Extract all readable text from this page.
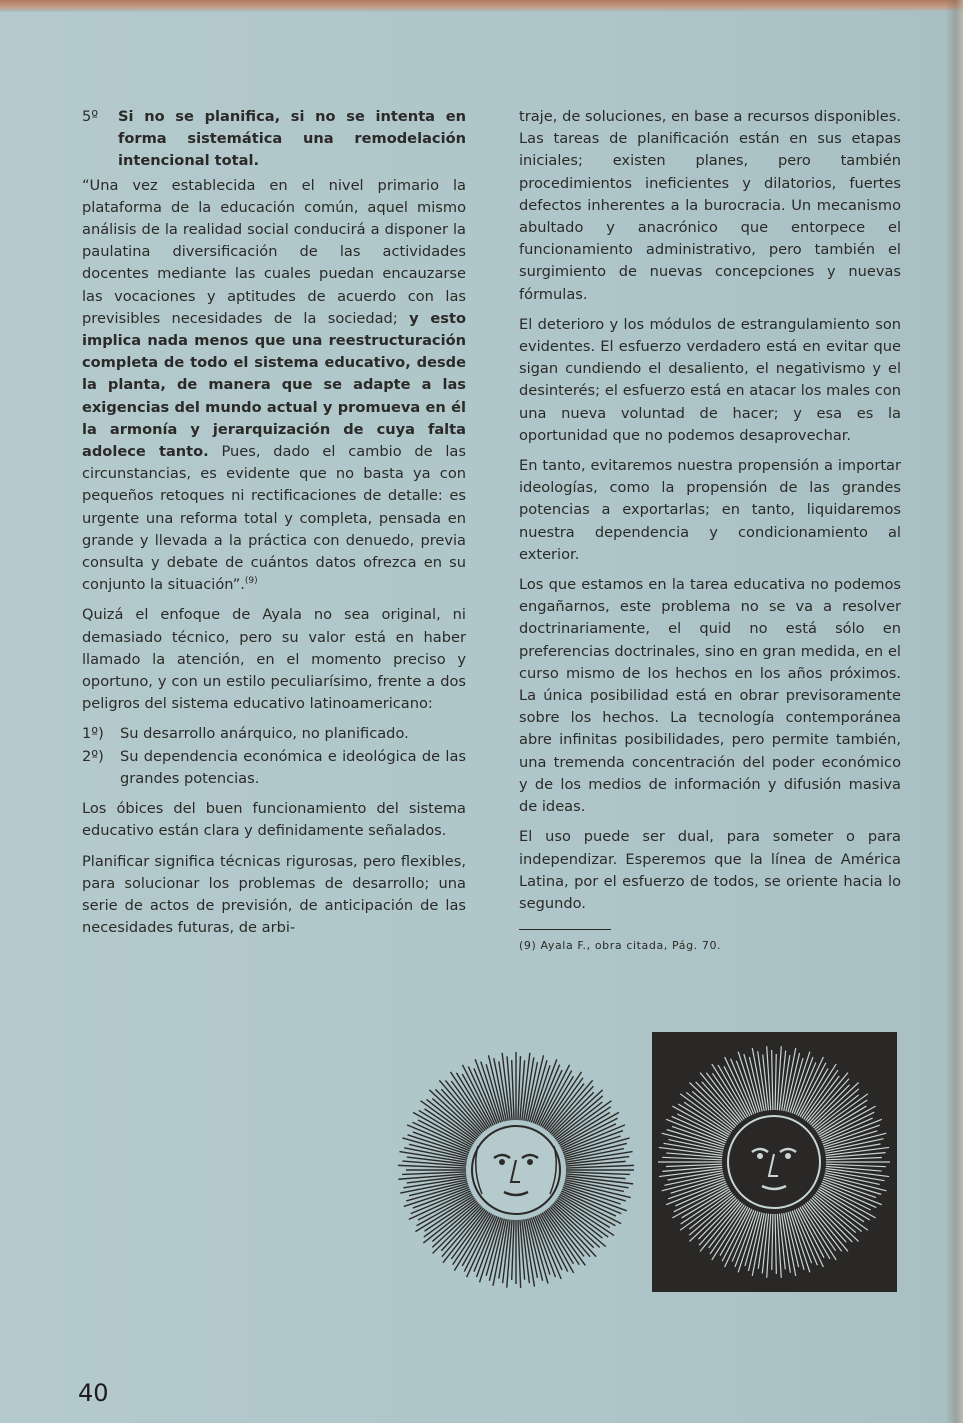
5º	Si no se planifica, si no se intenta en forma sistemática una remodelación intencional total.

“Una vez establecida en el nivel primario la plataforma de la educación común, aquel mismo análisis de la realidad social conducirá a disponer la paulatina diversificación de las actividades docentes mediante las cuales puedan encauzarse las vocaciones y aptitudes de acuerdo con las previsibles necesidades de la sociedad; y esto implica nada menos que una reestructuración completa de todo el sistema educativo, desde la planta, de manera que se adapte a las exigencias del mundo actual y promueva en él la armonía y jerarquización de cuya falta adolece tanto. Pues, dado el cambio de las circunstancias, es evidente que no basta ya con pequeños retoques ni rectificaciones de detalle: es urgente una reforma total y completa, pensada en grande y llevada a la práctica con denuedo, previa consulta y debate de cuántos datos ofrezca en su conjunto la situación”.$^{(9)}$

Quizá el enfoque de Ayala no sea original, ni demasiado técnico, pero su valor está en haber llamado la atención, en el momento preciso y oportuno, y con un estilo peculiarísimo, frente a dos peligros del sistema educativo latinoamericano:

1º)	Su desarrollo anárquico, no planificado.
2º)	Su dependencia económica e ideológica de las grandes potencias.

Los óbices del buen funcionamiento del sistema educativo están clara y definidamente señalados.

Planificar significa técnicas rigurosas, pero flexibles, para solucionar los problemas de desarrollo; una serie de actos de previsión, de anticipación de las necesidades futuras, de arbi-

traje, de soluciones, en base a recursos disponibles. Las tareas de planificación están en sus etapas iniciales; existen planes, pero también procedimientos ineficientes y dilatorios, fuertes defectos inherentes a la burocracia. Un mecanismo abultado y anacrónico que entorpece el funcionamiento administrativo, pero también el surgimiento de nuevas concepciones y nuevas fórmulas.

El deterioro y los módulos de estrangulamiento son evidentes. El esfuerzo verdadero está en evitar que sigan cundiendo el desaliento, el negativismo y el desinterés; el esfuerzo está en atacar los males con una nueva voluntad de hacer; y esa es la oportunidad que no podemos desaprovechar.

En tanto, evitaremos nuestra propensión a importar ideologías, como la propensión de las grandes potencias a exportarlas; en tanto, liquidaremos nuestra dependencia y condicionamiento al exterior.

Los que estamos en la tarea educativa no podemos engañarnos, este problema no se va a resolver doctrinariamente, el quid no está sólo en preferencias doctrinales, sino en gran medida, en el curso mismo de los hechos en los años próximos. La única posibilidad está en obrar previsoramente sobre los hechos. La tecnología contemporánea abre infinitas posibilidades, pero permite también, una tremenda concentración del poder económico y de los medios de información y difusión masiva de ideas.

El uso puede ser dual, para someter o para independizar. Esperemos que la línea de América Latina, por el esfuerzo de todos, se oriente hacia lo segundo.

(9) Ayala F., obra citada, Pág. 70.
40
